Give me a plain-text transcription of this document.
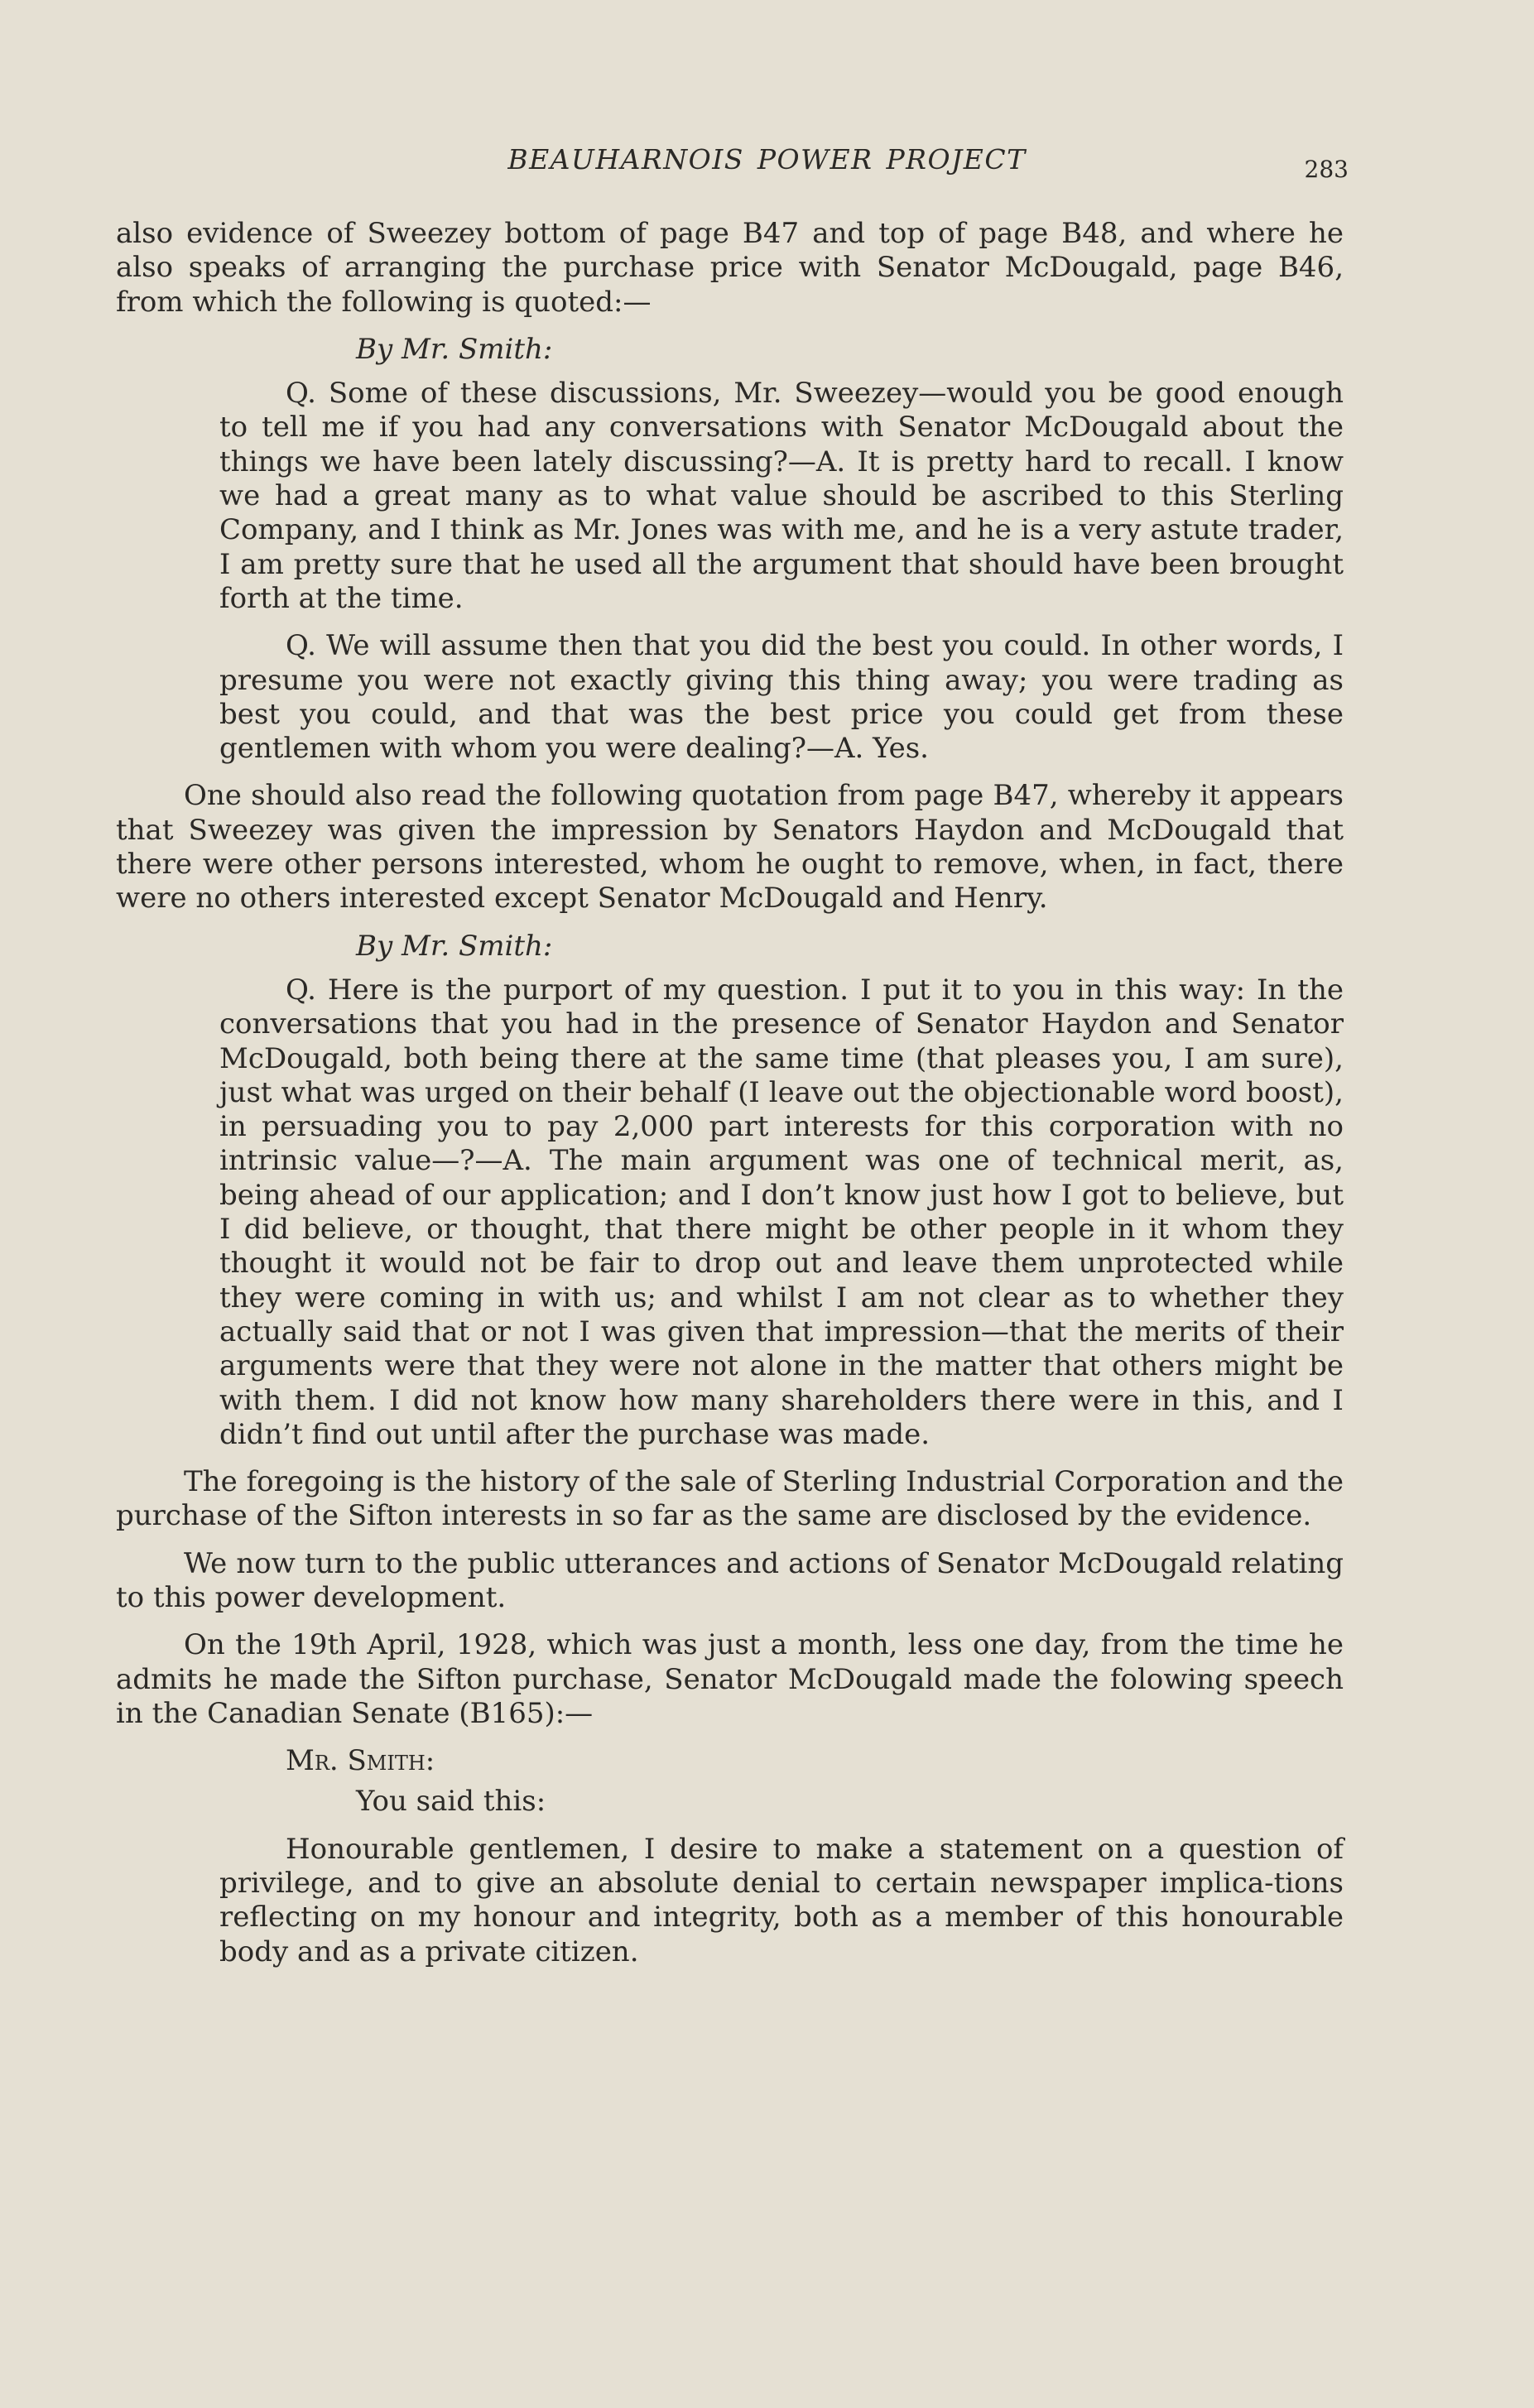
BEAUHARNOIS POWER PROJECT	283

also evidence of Sweezey bottom of page B47 and top of page B48, and where he also speaks of arranging the purchase price with Senator McDougald, page B46, from which the following is quoted:—

By Mr. Smith:

Q. Some of these discussions, Mr. Sweezey—would you be good enough to tell me if you had any conversations with Senator McDougald about the things we have been lately discussing?—A. It is pretty hard to recall. I know we had a great many as to what value should be ascribed to this Sterling Company, and I think as Mr. Jones was with me, and he is a very astute trader, I am pretty sure that he used all the argument that should have been brought forth at the time.

Q. We will assume then that you did the best you could. In other words, I presume you were not exactly giving this thing away; you were trading as best you could, and that was the best price you could get from these gentlemen with whom you were dealing?—A. Yes.

One should also read the following quotation from page B47, whereby it appears that Sweezey was given the impression by Senators Haydon and McDougald that there were other persons interested, whom he ought to remove, when, in fact, there were no others interested except Senator McDougald and Henry.

By Mr. Smith:

Q. Here is the purport of my question. I put it to you in this way: In the conversations that you had in the presence of Senator Haydon and Senator McDougald, both being there at the same time (that pleases you, I am sure), just what was urged on their behalf (I leave out the objectionable word boost), in persuading you to pay 2,000 part interests for this corporation with no intrinsic value—?—A. The main argument was one of technical merit, as, being ahead of our application; and I don’t know just how I got to believe, but I did believe, or thought, that there might be other people in it whom they thought it would not be fair to drop out and leave them unprotected while they were coming in with us; and whilst I am not clear as to whether they actually said that or not I was given that impression—that the merits of their arguments were that they were not alone in the matter that others might be with them. I did not know how many shareholders there were in this, and I didn’t find out until after the purchase was made.

The foregoing is the history of the sale of Sterling Industrial Corporation and the purchase of the Sifton interests in so far as the same are disclosed by the evidence.

We now turn to the public utterances and actions of Senator McDougald relating to this power development.

On the 19th April, 1928, which was just a month, less one day, from the time he admits he made the Sifton purchase, Senator McDougald made the folowing speech in the Canadian Senate (B165):—

Mr. Smith:
You said this:

Honourable gentlemen, I desire to make a statement on a question of privilege, and to give an absolute denial to certain newspaper implica-tions reflecting on my honour and integrity, both as a member of this honourable body and as a private citizen.
